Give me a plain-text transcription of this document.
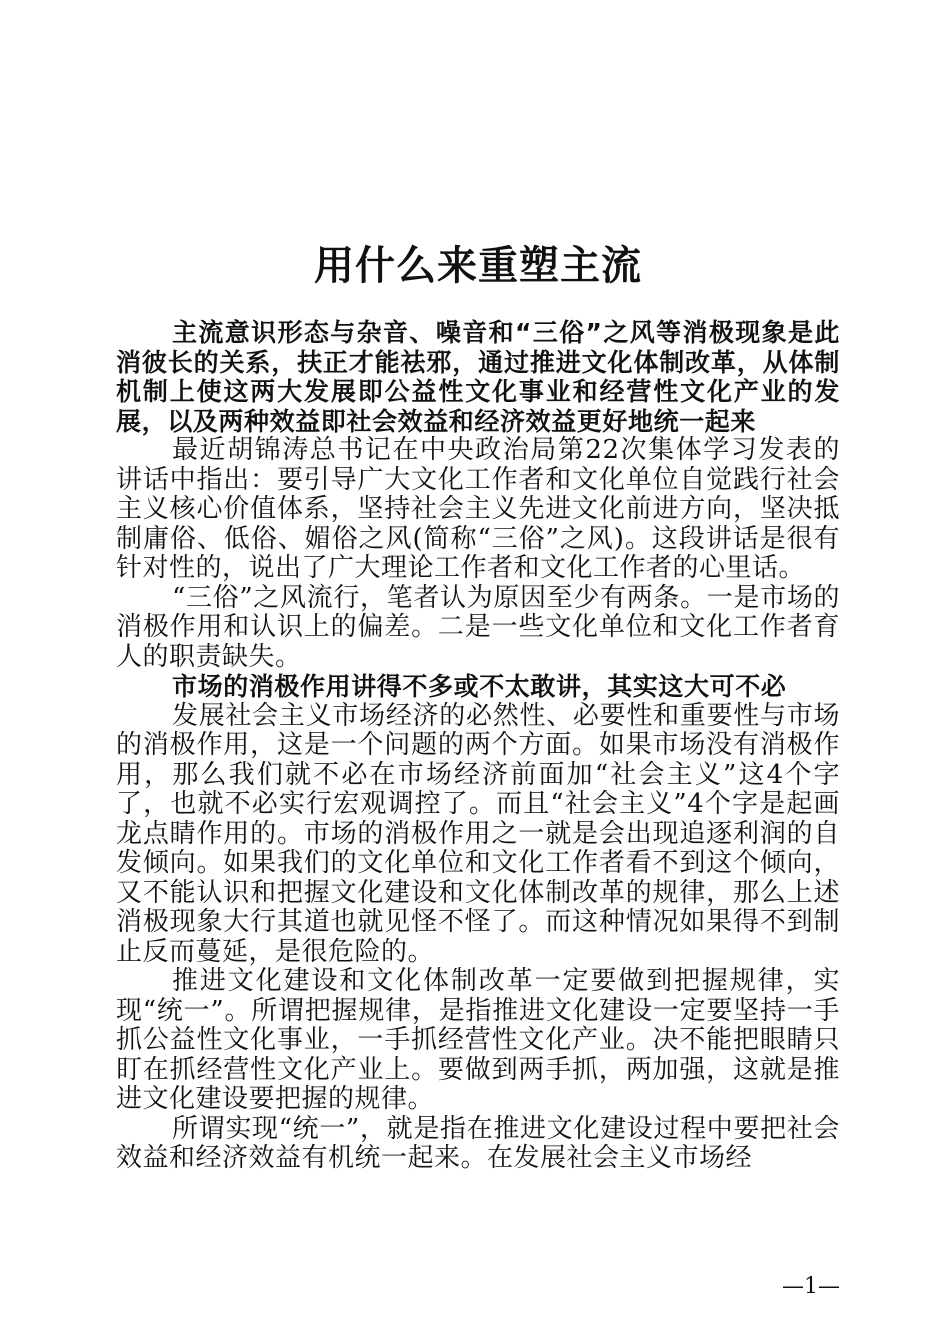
用什么来重塑主流

主流意识形态与杂音、噪音和“三俗”之风等消极现象是此消彼长的关系，扶正才能祛邪，通过推进文化体制改革，从体制机制上使这两大发展即公益性文化事业和经营性文化产业的发展，以及两种效益即社会效益和经济效益更好地统一起来

最近胡锦涛总书记在中央政治局第22次集体学习发表的讲话中指出：要引导广大文化工作者和文化单位自觉践行社会主义核心价值体系，坚持社会主义先进文化前进方向，坚决抵制庸俗、低俗、媚俗之风(简称“三俗”之风)。这段讲话是很有针对性的，说出了广大理论工作者和文化工作者的心里话。

“三俗”之风流行，笔者认为原因至少有两条。一是市场的消极作用和认识上的偏差。二是一些文化单位和文化工作者育人的职责缺失。

市场的消极作用讲得不多或不太敢讲，其实这大可不必

发展社会主义市场经济的必然性、必要性和重要性与市场的消极作用，这是一个问题的两个方面。如果市场没有消极作用，那么我们就不必在市场经济前面加“社会主义”这4个字了，也就不必实行宏观调控了。而且“社会主义”4个字是起画龙点睛作用的。市场的消极作用之一就是会出现追逐利润的自发倾向。如果我们的文化单位和文化工作者看不到这个倾向，又不能认识和把握文化建设和文化体制改革的规律，那么上述消极现象大行其道也就见怪不怪了。而这种情况如果得不到制止反而蔓延，是很危险的。

推进文化建设和文化体制改革一定要做到把握规律，实现“统一”。所谓把握规律，是指推进文化建设一定要坚持一手抓公益性文化事业，一手抓经营性文化产业。决不能把眼睛只盯在抓经营性文化产业上。要做到两手抓，两加强，这就是推进文化建设要把握的规律。

所谓实现“统一”，就是指在推进文化建设过程中要把社会效益和经济效益有机统一起来。在发展社会主义市场经

—1—
